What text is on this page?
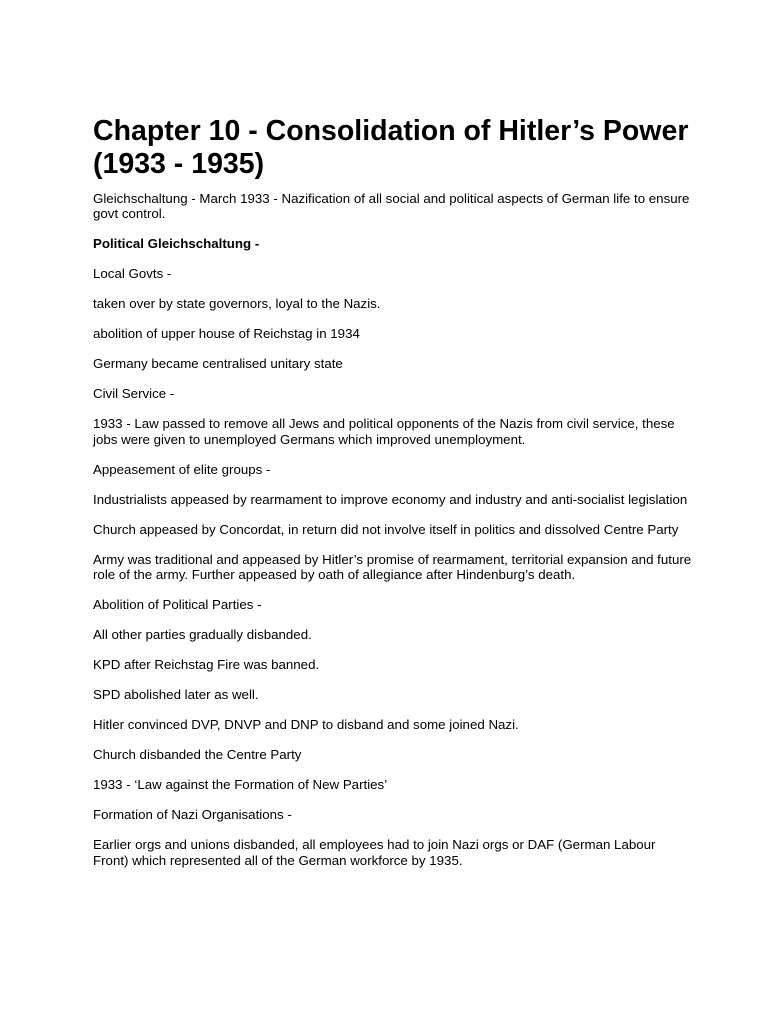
Chapter 10 - Consolidation of Hitler’s Power (1933 - 1935)

Gleichschaltung - March 1933 - Nazification of all social and political aspects of German life to ensure govt control.

Political Gleichschaltung -

Local Govts -

taken over by state governors, loyal to the Nazis.

abolition of upper house of Reichstag in 1934

Germany became centralised unitary state

Civil Service -

1933 - Law passed to remove all Jews and political opponents of the Nazis from civil service, these jobs were given to unemployed Germans which improved unemployment.

Appeasement of elite groups -

Industrialists appeased by rearmament to improve economy and industry and anti-socialist legislation

Church appeased by Concordat, in return did not involve itself in politics and dissolved Centre Party

Army was traditional and appeased by Hitler’s promise of rearmament, territorial expansion and future role of the army. Further appeased by oath of allegiance after Hindenburg’s death.

Abolition of Political Parties -

All other parties gradually disbanded.

KPD after Reichstag Fire was banned.

SPD abolished later as well.

Hitler convinced DVP, DNVP and DNP to disband and some joined Nazi.

Church disbanded the Centre Party

1933 - ‘Law against the Formation of New Parties’

Formation of Nazi Organisations -

Earlier orgs and unions disbanded, all employees had to join Nazi orgs or DAF (German Labour Front) which represented all of the German workforce by 1935.
